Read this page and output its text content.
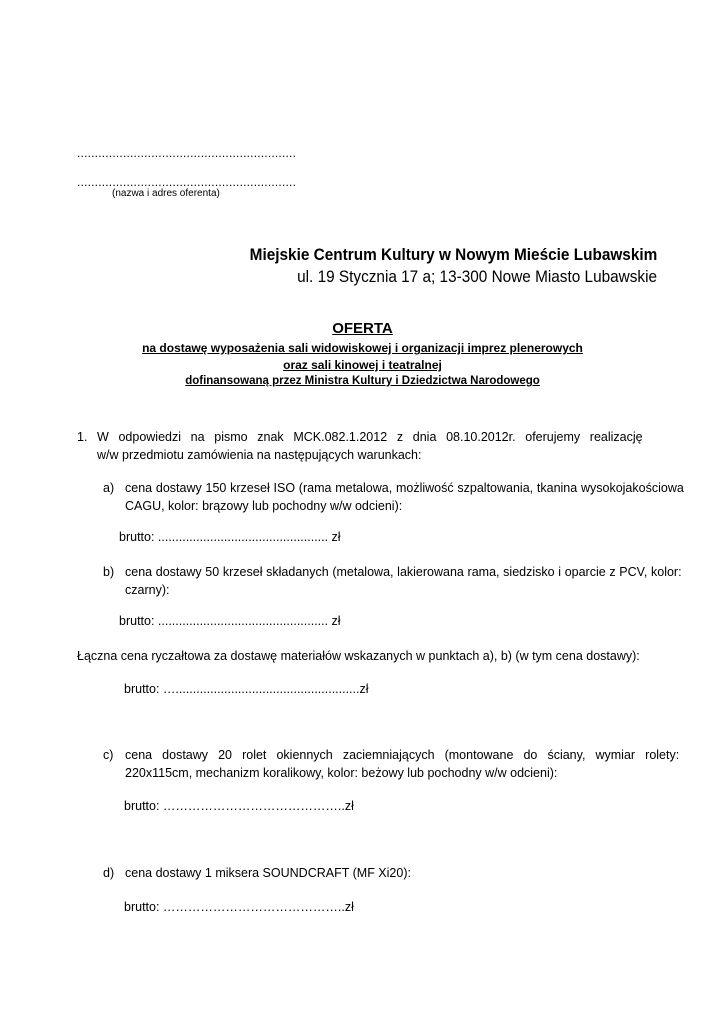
..............................................................
..............................................................
(nazwa i adres oferenta)
Miejskie Centrum Kultury w Nowym Mieście Lubawskim
ul. 19 Stycznia 17 a; 13-300 Nowe Miasto Lubawskie
OFERTA
na dostawę wyposażenia sali widowiskowej i organizacji imprez plenerowych
oraz sali kinowej i teatralnej
dofinansowaną przez Ministra Kultury i Dziedzictwa Narodowego
1. W odpowiedzi na pismo znak MCK.082.1.2012 z dnia 08.10.2012r. oferujemy realizację
w/w przedmiotu zamówienia na następujących warunkach:
a) cena dostawy 150 krzeseł ISO (rama metalowa, możliwość szpaltowania, tkanina wysokojakościowa
CAGU, kolor: brązowy lub pochodny w/w odcieni):
brutto: ................................................. zł
b) cena dostawy 50 krzeseł składanych (metalowa, lakierowana rama, siedzisko i oparcie z PCV, kolor:
czarny):
brutto: ................................................. zł
Łączna cena ryczałtowa za dostawę materiałów wskazanych w punktach a), b) (w tym cena dostawy):
brutto: ….....................................................zł
c) cena dostawy 20 rolet okiennych zaciemniających (montowane do ściany, wymiar rolety:
220x115cm, mechanizm koralikowy, kolor: beżowy lub pochodny w/w odcieni):
brutto: ……………………………………..zł
d) cena dostawy 1 miksera SOUNDCRAFT (MF Xi20):
brutto: ……………………………………..zł
